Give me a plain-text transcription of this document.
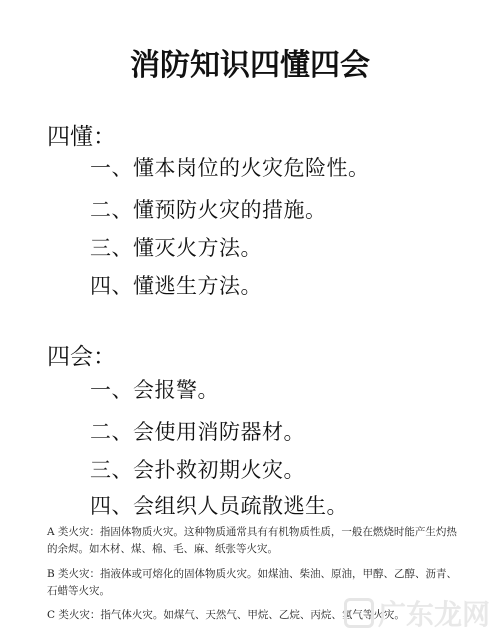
消防知识四懂四会
四懂：
一、懂本岗位的火灾危险性。
二、懂预防火灾的措施。
三、懂灭火方法。
四、懂逃生方法。
四会：
一、会报警。
二、会使用消防器材。
三、会扑救初期火灾。
四、会组织人员疏散逃生。
A 类火灾：指固体物质火灾。这种物质通常具有有机物质性质，一般在燃烧时能产生灼热的余烬。如木材、煤、棉、毛、麻、纸张等火灾。
B 类火灾：指液体或可熔化的固体物质火灾。如煤油、柴油、原油，甲醇、乙醇、沥青、石蜡等火灾。
C 类火灾：指气体火灾。如煤气、天然气、甲烷、乙烷、丙烷、氢气等火灾。
广东龙网
